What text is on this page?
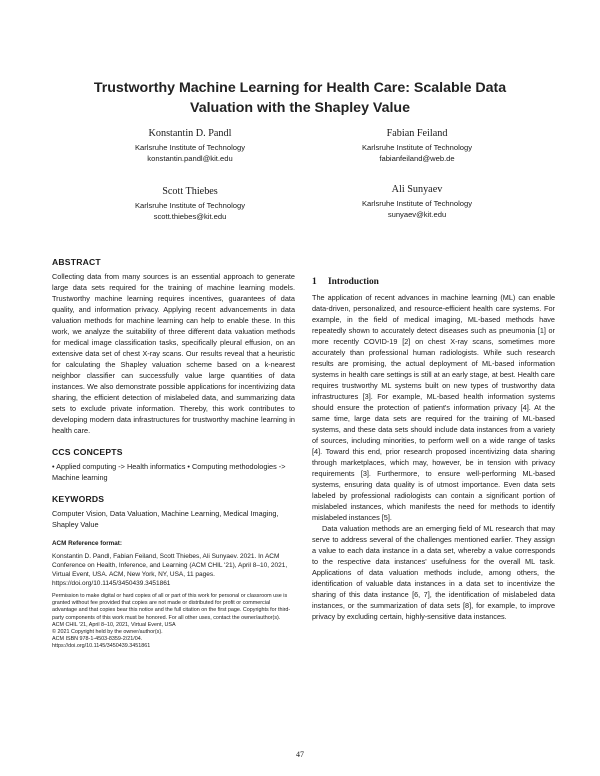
Trustworthy Machine Learning for Health Care: Scalable Data
Valuation with the Shapley Value
Konstantin D. Pandl
Karlsruhe Institute of Technology
konstantin.pandl@kit.edu
Fabian Feiland
Karlsruhe Institute of Technology
fabianfeiland@web.de
Scott Thiebes
Karlsruhe Institute of Technology
scott.thiebes@kit.edu
Ali Sunyaev
Karlsruhe Institute of Technology
sunyaev@kit.edu
ABSTRACT

Collecting data from many sources is an essential approach to generate large data sets required for the training of machine learning models. Trustworthy machine learning requires incentives, guarantees of data quality, and information privacy. Applying recent advancements in data valuation methods for machine learning can help to enable these. In this work, we analyze the suitability of three different data valuation methods for medical image classification tasks, specifically pleural effusion, on an extensive data set of chest X-ray scans. Our results reveal that a heuristic for calculating the Shapley valuation scheme based on a k-nearest neighbor classifier can successfully value large quantities of data instances. We also demonstrate possible applications for incentivizing data sharing, the efficient detection of mislabeled data, and summarizing data sets to exclude private information. Thereby, this work contributes to developing modern data infrastructures for trustworthy machine learning in health care.

CCS CONCEPTS

• Applied computing -> Health informatics • Computing methodologies -> Machine learning

KEYWORDS

Computer Vision, Data Valuation, Machine Learning, Medical Imaging, Shapley Value

ACM Reference format:

Konstantin D. Pandl, Fabian Feiland, Scott Thiebes, Ali Sunyaev. 2021. In ACM Conference on Health, Inference, and Learning (ACM CHIL '21), April 8–10, 2021, Virtual Event, USA. ACM, New York, NY, USA, 11 pages. https://doi.org/10.1145/3450439.3451861

Permission to make digital or hard copies of all or part of this work for personal or classroom use is granted without fee provided that copies are not made or distributed for profit or commercial advantage and that copies bear this notice and the full citation on the first page. Copyrights for third-party components of this work must be honored. For all other uses, contact the owner/author(s).

ACM CHIL '21, April 8–10, 2021, Virtual Event, USA
© 2021 Copyright held by the owner/author(s).
ACM ISBN 978-1-4503-8359-2/21/04.
https://doi.org/10.1145/3450439.3451861
1 Introduction

The application of recent advances in machine learning (ML) can enable data-driven, personalized, and resource-efficient health care systems. For example, in the field of medical imaging, ML-based methods have repeatedly shown to accurately detect diseases such as pneumonia [1] or more recently COVID-19 [2] on chest X-ray scans, sometimes more accurately than professional human radiologists. While such research results are promising, the actual deployment of ML-based information systems in health care settings is still at an early stage, at best. Health care requires trustworthy ML systems built on new types of trustworthy data infrastructures [3]. For example, ML-based health information systems should ensure the protection of patient's information privacy [4]. At the same time, large data sets are required for the training of ML-based systems, and these data sets should include data instances from a variety of sources, including minorities, to perform well on a wide range of tasks [4]. Toward this end, prior research proposed incentivizing data sharing through marketplaces, which may, however, be in tension with privacy requirements [3]. Furthermore, to ensure well-performing ML-based systems, ensuring data quality is of utmost importance. Even data sets labeled by professional radiologists can contain a significant portion of mislabeled instances, which manifests the need for methods to identify mislabeled instances [5].

Data valuation methods are an emerging field of ML research that may serve to address several of the challenges mentioned earlier. They assign a value to each data instance in a data set, whereby a value corresponds to the respective data instances' usefulness for the overall ML task. Applications of data valuation methods include, among others, the identification of valuable data instances in a data set to incentivize the sharing of this data instance [6, 7], the identification of mislabeled data instances, or the summarization of data sets [8], for example, to improve privacy by excluding certain, highly-sensitive data instances.

47
